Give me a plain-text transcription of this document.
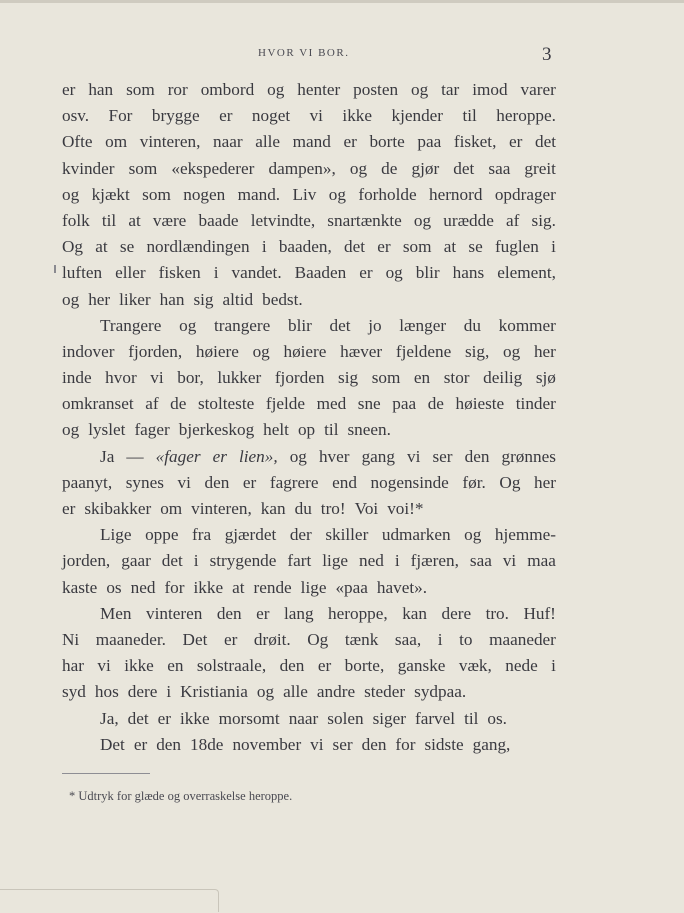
HVOR VI BOR.	3
er han som ror ombord og henter posten og tar imod varer
osv. For brygge er noget vi ikke kjender til heroppe.
Ofte om vinteren, naar alle mand er borte paa fisket, er det
kvinder som «ekspederer dampen», og de gjør det saa greit
og kjækt som nogen mand. Liv og forholde hernord opdrager
folk til at være baade letvindte, snartænkte og urædde af sig.
Og at se nordlændingen i baaden, det er som at se fuglen i
luften eller fisken i vandet. Baaden er og blir hans element,
og her liker han sig altid bedst.
Trangere og trangere blir det jo længer du kommer
indover fjorden, høiere og høiere hæver fjeldene sig, og her
inde hvor vi bor, lukker fjorden sig som en stor deilig sjø
omkranset af de stolteste fjelde med sne paa de høieste tinder
og lyslet fager bjerkeskog helt op til sneen.
Ja — «fager er lien», og hver gang vi ser den grønnes
paanyt, synes vi den er fagrere end nogensinde før. Og her
er skibakker om vinteren, kan du tro! Voi voi!*
Lige oppe fra gjærdet der skiller udmarken og hjemme-
jorden, gaar det i strygende fart lige ned i fjæren, saa vi maa
kaste os ned for ikke at rende lige «paa havet».
Men vinteren den er lang heroppe, kan dere tro. Huf!
Ni maaneder. Det er drøit. Og tænk saa, i to maaneder
har vi ikke en solstraale, den er borte, ganske væk, nede i
syd hos dere i Kristiania og alle andre steder sydpaa.
Ja, det er ikke morsomt naar solen siger farvel til os.
Det er den 18de november vi ser den for sidste gang,
* Udtryk for glæde og overraskelse heroppe.
